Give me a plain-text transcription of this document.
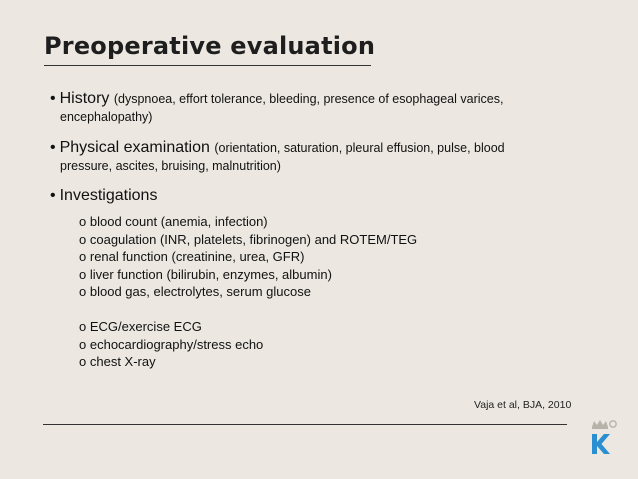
Preoperative evaluation
• History (dyspnoea, effort tolerance, bleeding, presence of esophageal varices,
encephalopathy)
• Physical examination (orientation, saturation, pleural effusion, pulse, blood
pressure, ascites, bruising, malnutrition)
• Investigations
o blood count (anemia, infection)
o coagulation (INR, platelets, fibrinogen) and ROTEM/TEG
o renal function (creatinine, urea, GFR)
o liver function (bilirubin, enzymes, albumin)
o blood gas, electrolytes, serum glucose
o ECG/exercise ECG
o echocardiography/stress echo
o chest X-ray
Vaja et al, BJA, 2010
